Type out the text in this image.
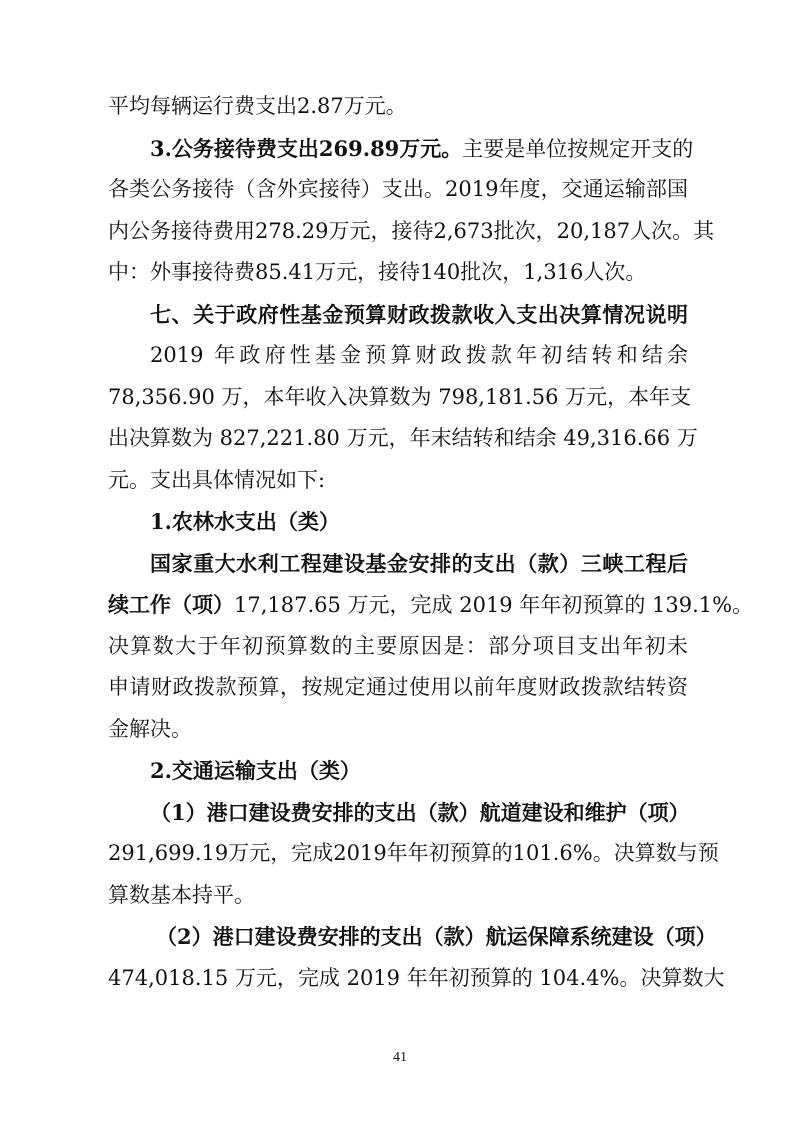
平均每辆运行费支出2.87万元。
3.公务接待费支出269.89万元。主要是单位按规定开支的
各类公务接待（含外宾接待）支出。2019年度，交通运输部国
内公务接待费用278.29万元，接待2,673批次，20,187人次。其
中：外事接待费85.41万元，接待140批次，1,316人次。
七、关于政府性基金预算财政拨款收入支出决算情况说明
2019 年政府性基金预算财政拨款年初结转和结余
78,356.90 万，本年收入决算数为 798,181.56 万元，本年支
出决算数为 827,221.80 万元，年末结转和结余 49,316.66 万
元。支出具体情况如下:
1.农林水支出（类）
国家重大水利工程建设基金安排的支出（款）三峡工程后
续工作（项）17,187.65 万元，完成 2019 年年初预算的 139.1%。
决算数大于年初预算数的主要原因是：部分项目支出年初未
申请财政拨款预算，按规定通过使用以前年度财政拨款结转资
金解决。
2.交通运输支出（类）
（1）港口建设费安排的支出（款）航道建设和维护（项）
291,699.19万元，完成2019年年初预算的101.6%。决算数与预
算数基本持平。
（2）港口建设费安排的支出（款）航运保障系统建设（项）
474,018.15 万元，完成 2019 年年初预算的 104.4%。决算数大
41
